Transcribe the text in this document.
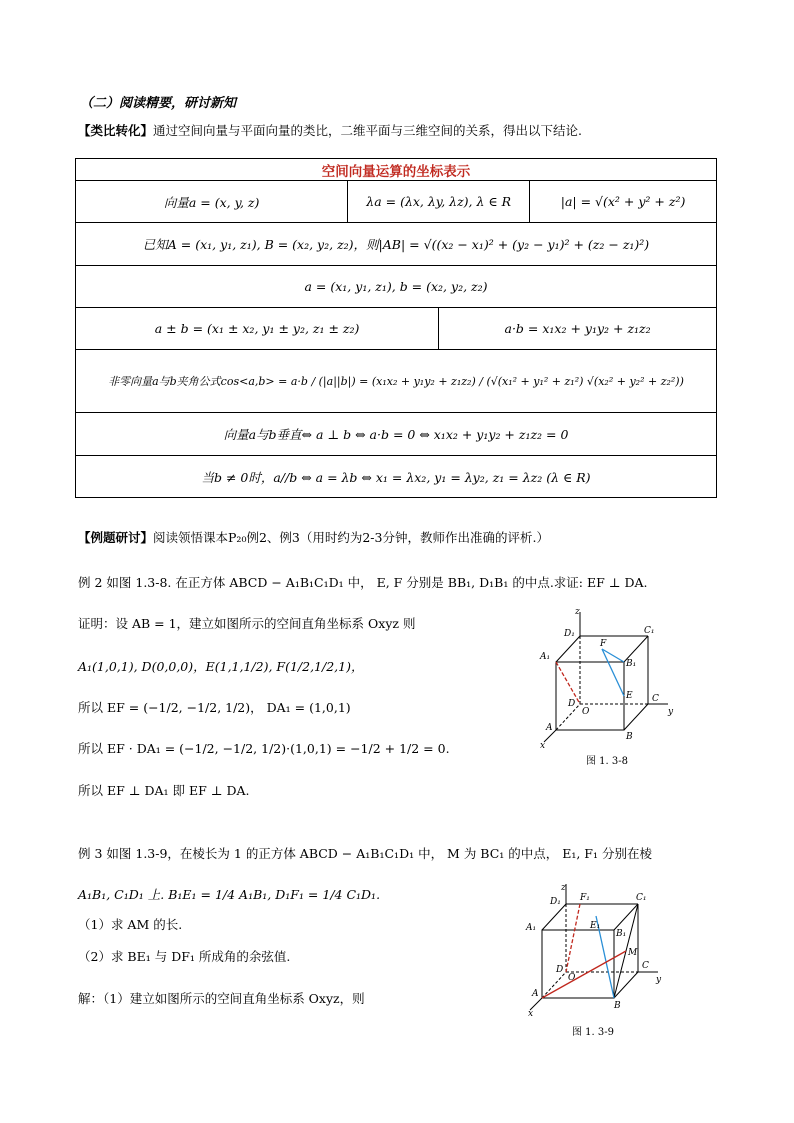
（二）阅读精要，研讨新知
【类比转化】通过空间向量与平面向量的类比，二维平面与三维空间的关系，得出以下结论.
空间向量运算的坐标表示			
向量a = (x, y, z)	λa = (λx, λy, λz), λ ∈ R		|a| = √(x² + y² + z²)
已知A = (x₁, y₁, z₁), B = (x₂, y₂, z₂)，则|AB| = √((x₂ − x₁)² + (y₂ − y₁)² + (z₂ − z₁)²)			
a = (x₁, y₁, z₁), b = (x₂, y₂, z₂)			
a ± b = (x₁ ± x₂, y₁ ± y₂, z₁ ± z₂)		a·b = x₁x₂ + y₁y₂ + z₁z₂	
非零向量a与b夹角公式cos<a,b> = a·b / (|a||b|) = (x₁x₂ + y₁y₂ + z₁z₂) / (√(x₁² + y₁² + z₁²) √(x₂² + y₂² + z₂²))			
向量a与b垂直⇔ a ⊥ b ⇔ a·b = 0 ⇔ x₁x₂ + y₁y₂ + z₁z₂ = 0			
当b ≠ 0时，a//b ⇔ a = λb ⇔ x₁ = λx₂, y₁ = λy₂, z₁ = λz₂ (λ ∈ R)			
【例题研讨】阅读领悟课本P₂₀例2、例3（用时约为2-3分钟，教师作出准确的评析.）
例 2 如图 1.3-8. 在正方体 ABCD − A₁B₁C₁D₁ 中， E, F 分别是 BB₁, D₁B₁ 的中点.求证: EF ⊥ DA.
证明：设 AB = 1，建立如图所示的空间直角坐标系 Oxyz 则
A₁(1,0,1), D(0,0,0)，E(1,1,1/2), F(1/2,1/2,1)，
所以 EF = (−1/2, −1/2, 1/2)， DA₁ = (1,0,1)
所以 EF · DA₁ = (−1/2, −1/2, 1/2)·(1,0,1) = −1/2 + 1/2 = 0.
所以 EF ⊥ DA₁ 即 EF ⊥ DA.
z
D₁	C₁
F
A₁
B₁
E
D
O
C
y
A
B
x
图 1. 3-8
例 3 如图 1.3-9，在棱长为 1 的正方体 ABCD − A₁B₁C₁D₁ 中， M 为 BC₁ 的中点， E₁, F₁ 分别在棱
A₁B₁, C₁D₁ 上. B₁E₁ = 1/4 A₁B₁, D₁F₁ = 1/4 C₁D₁.
（1）求 AM 的长.
（2）求 BE₁ 与 DF₁ 所成角的余弦值.
解：（1）建立如图所示的空间直角坐标系 Oxyz，则
z
D₁ F₁	C₁
A₁	E₁
B₁
M
D
O
C
y
A
B
x
图 1. 3-9
